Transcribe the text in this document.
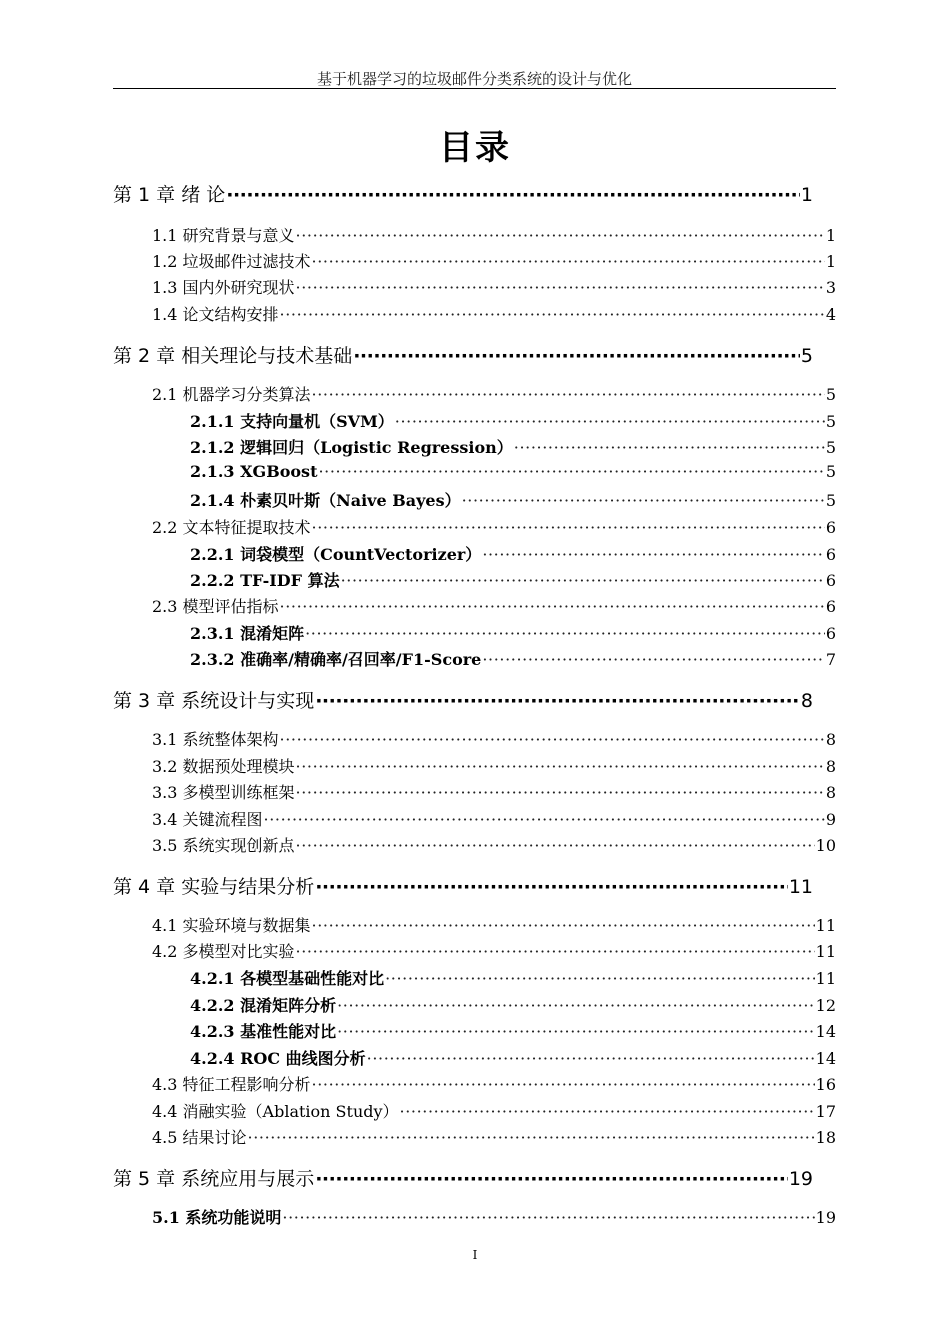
基于机器学习的垃圾邮件分类系统的设计与优化
目录
第 1 章 绪 论 ·····	1
1.1 研究背景与意义 ·····	1
1.2 垃圾邮件过滤技术 ·····	1
1.3 国内外研究现状 ·····	3
1.4 论文结构安排 ·····	4
第 2 章 相关理论与技术基础 ·····	5
2.1 机器学习分类算法 ·····	5
2.1.1 支持向量机（SVM） ·····	5
2.1.2 逻辑回归（Logistic Regression） ·····	5
2.1.3 XGBoost ·····	5
2.1.4 朴素贝叶斯（Naive Bayes） ·····	5
2.2 文本特征提取技术 ·····	6
2.2.1 词袋模型（CountVectorizer） ·····	6
2.2.2 TF-IDF 算法 ·····	6
2.3 模型评估指标 ·····	6
2.3.1 混淆矩阵 ·····	6
2.3.2 准确率/精确率/召回率/F1-Score ·····	7
第 3 章 系统设计与实现 ·····	8
3.1 系统整体架构 ·····	8
3.2 数据预处理模块 ·····	8
3.3 多模型训练框架 ·····	8
3.4 关键流程图 ·····	9
3.5 系统实现创新点 ·····	10
第 4 章 实验与结果分析 ·····	11
4.1 实验环境与数据集 ·····	11
4.2 多模型对比实验 ·····	11
4.2.1 各模型基础性能对比 ·····	11
4.2.2 混淆矩阵分析 ·····	12
4.2.3 基准性能对比 ·····	14
4.2.4 ROC 曲线图分析 ·····	14
4.3 特征工程影响分析 ·····	16
4.4 消融实验（Ablation Study） ·····	17
4.5 结果讨论 ·····	18
第 5 章 系统应用与展示 ·····	19
5.1 系统功能说明 ·····	19
I
